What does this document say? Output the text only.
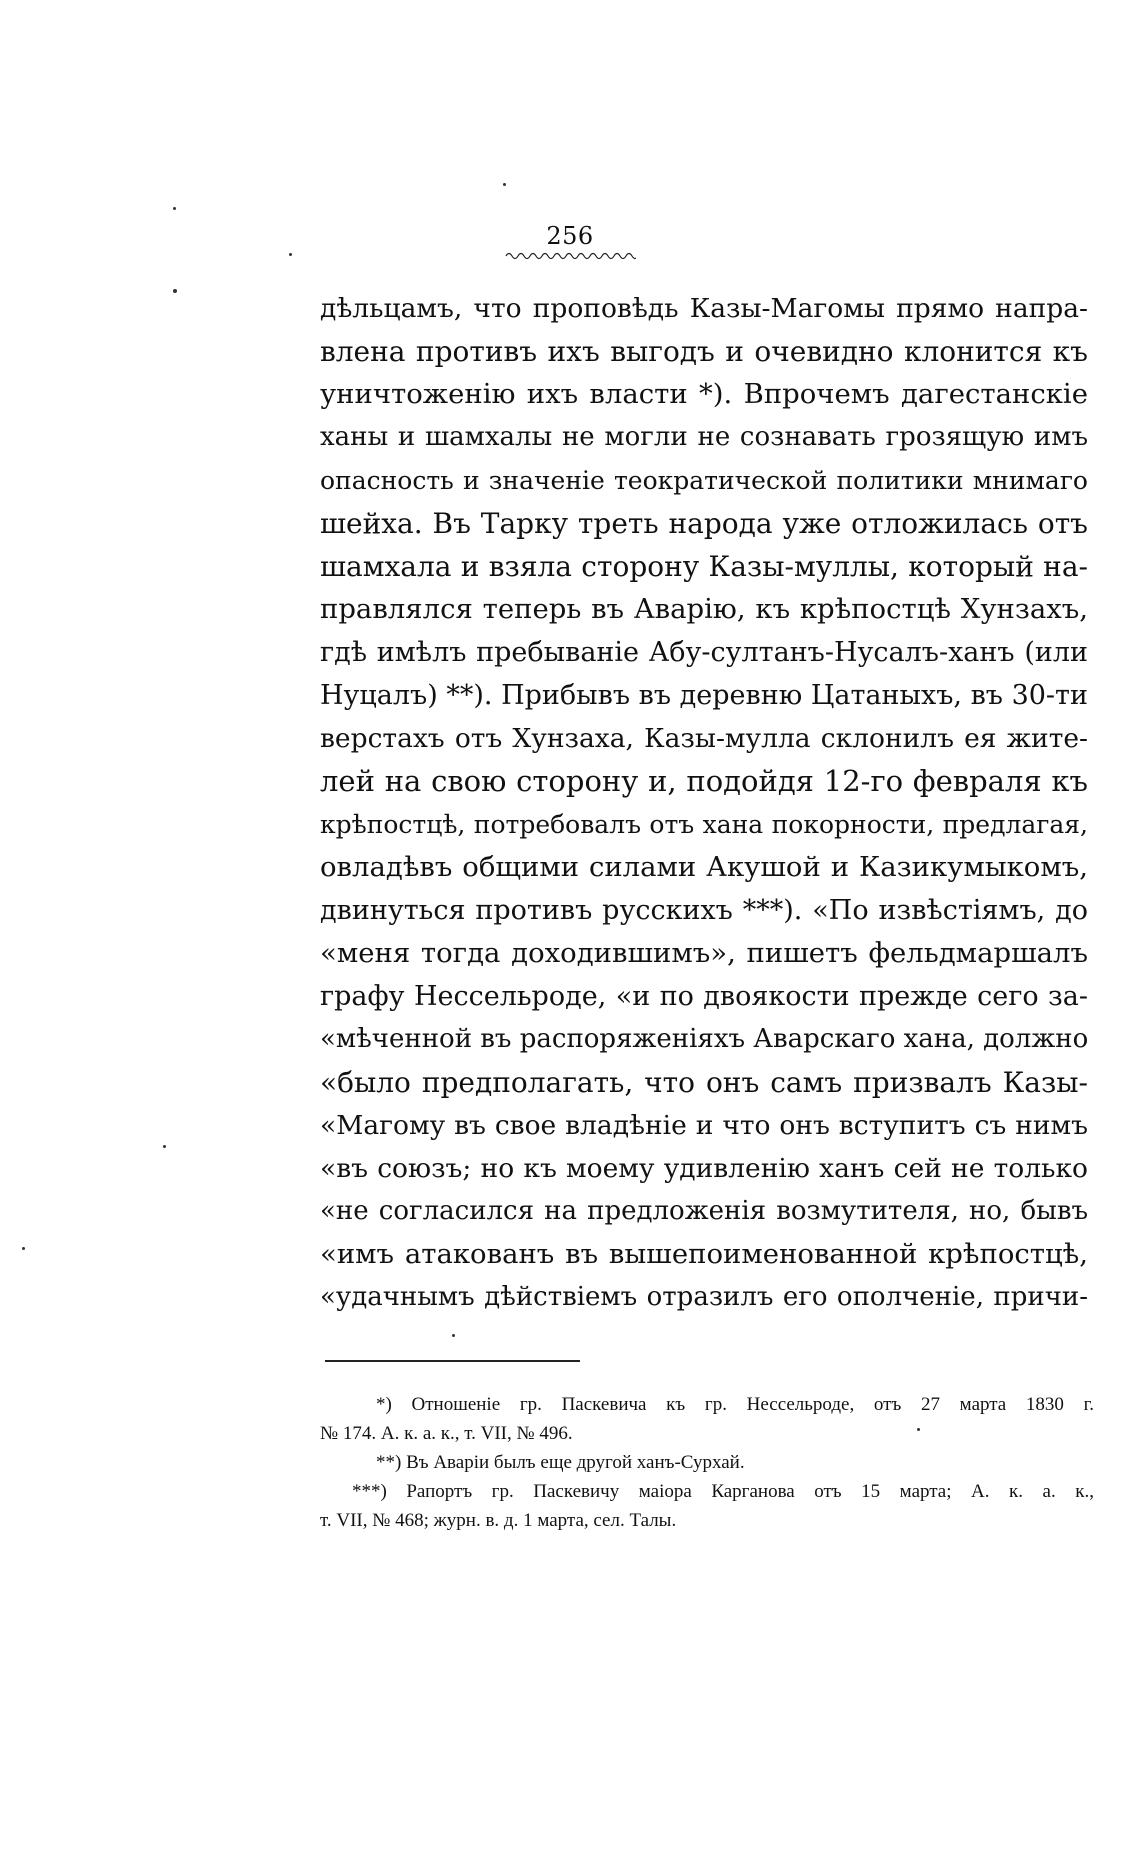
256
дѣльцамъ, что проповѣдь Казы-Магомы прямо напра-
влена противъ ихъ выгодъ и очевидно клонится къ
уничтоженію ихъ власти *). Впрочемъ дагестанскіе
ханы и шамхалы не могли не сознавать грозящую имъ
опасность и значеніе теократической политики мнимаго
шейха. Въ Тарку треть народа уже отложилась отъ
шамхала и взяла сторону Казы-муллы, который на-
правлялся теперь въ Аварію, къ крѣпостцѣ Хунзахъ,
гдѣ имѣлъ пребываніе Абу-султанъ-Нусалъ-ханъ (или
Нуцалъ) **). Прибывъ въ деревню Цатаныхъ, въ 30-ти
верстахъ отъ Хунзаха, Казы-мулла склонилъ ея жите-
лей на свою сторону и, подойдя 12-го февраля къ
крѣпостцѣ, потребовалъ отъ хана покорности, предлагая,
овладѣвъ общими силами Акушой и Казикумыкомъ,
двинуться противъ русскихъ ***). «По извѣстіямъ, до
«меня тогда доходившимъ», пишетъ фельдмаршалъ
графу Нессельроде, «и по двоякости прежде сего за-
«мѣченной въ распоряженіяхъ Аварскаго хана, должно
«было предполагать, что онъ самъ призвалъ Казы-
«Магому въ свое владѣніе и что онъ вступитъ съ нимъ
«въ союзъ; но къ моему удивленію ханъ сей не только
«не согласился на предложенія возмутителя, но, бывъ
«имъ атакованъ въ вышепоименованной крѣпостцѣ,
«удачнымъ дѣйствіемъ отразилъ его ополченіе, причи-
*) Отношеніе гр. Паскевича къ гр. Нессельроде, отъ 27 марта 1830 г.
№ 174. А. к. а. к., т. VII, № 496.
**) Въ Аваріи былъ еще другой ханъ-Сурхай.
***) Рапортъ гр. Паскевичу маіора Карганова отъ 15 марта; А. к. а. к.,
т. VII, № 468; журн. в. д. 1 марта, сел. Талы.
